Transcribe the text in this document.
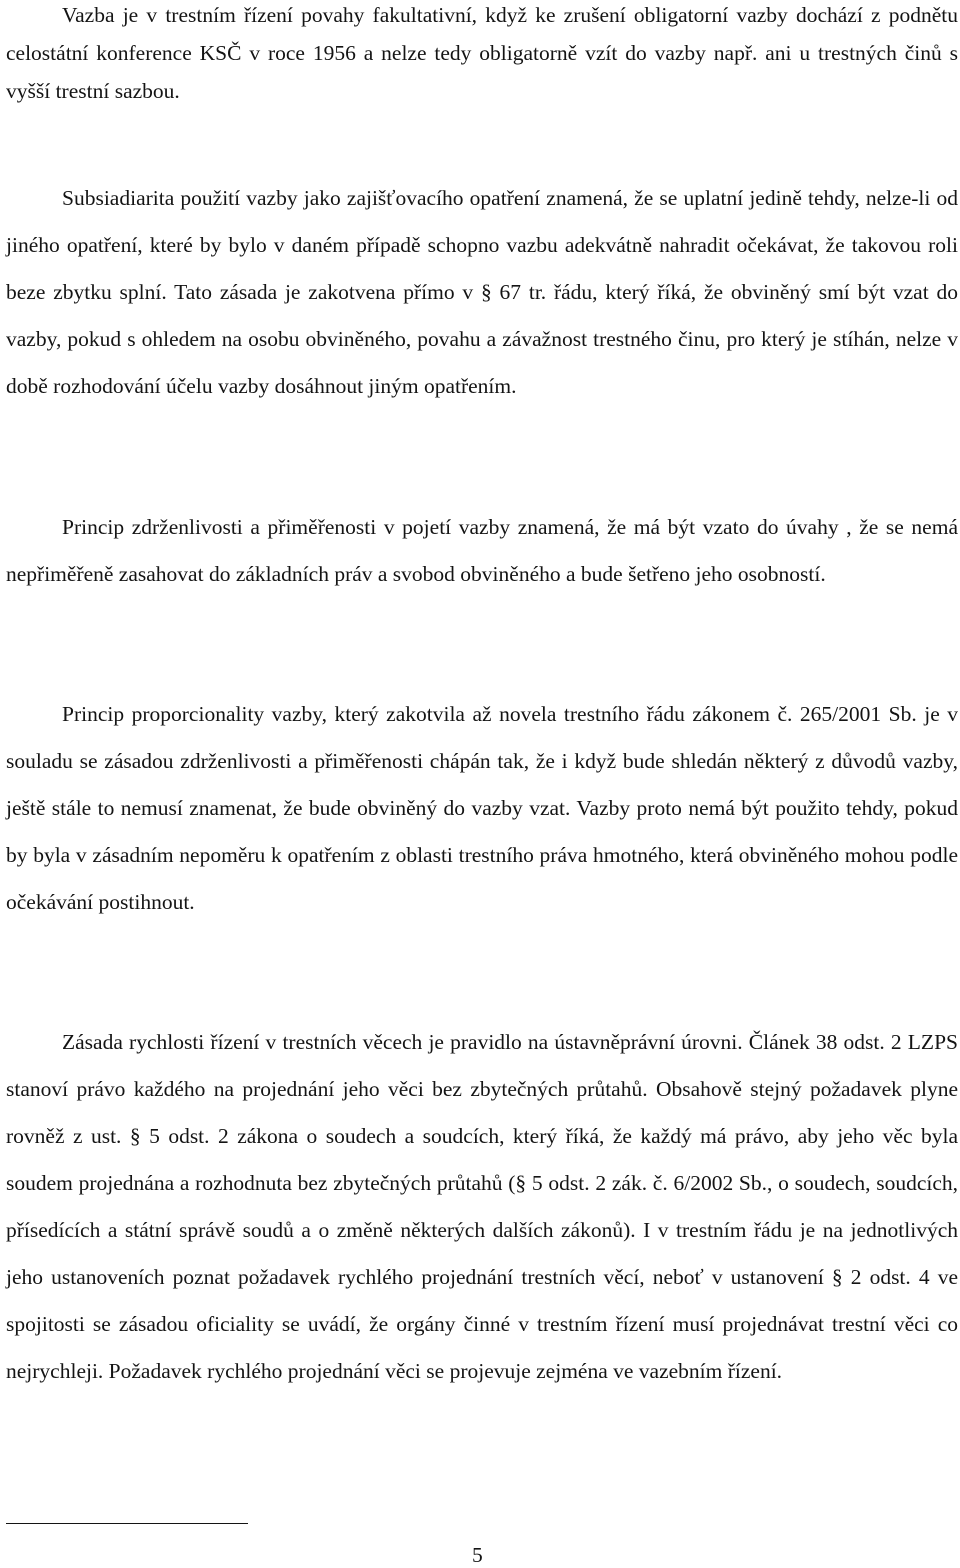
Vazba je v trestním řízení povahy fakultativní, když ke zrušení obligatorní vazby dochází z podnětu celostátní konference KSČ v roce 1956 a nelze tedy obligatorně vzít do vazby např. ani u trestných činů s vyšší trestní sazbou.

Subsiadiarita použití vazby jako zajišťovacího opatření znamená, že se uplatní jedině tehdy, nelze-li od jiného opatření, které by bylo v daném případě schopno vazbu adekvátně nahradit očekávat, že takovou roli beze zbytku splní. Tato zásada je zakotvena přímo v § 67 tr. řádu, který říká, že obviněný smí být vzat do vazby, pokud s ohledem na osobu obviněného, povahu a závažnost trestného činu, pro který je stíhán, nelze v době rozhodování účelu vazby dosáhnout jiným opatřením.

Princip zdrženlivosti a přiměřenosti v pojetí vazby znamená, že má být vzato do úvahy , že se nemá nepřiměřeně zasahovat do základních práv a svobod obviněného a bude šetřeno jeho osobností.

Princip proporcionality vazby, který zakotvila až novela trestního řádu zákonem č. 265/2001 Sb. je v souladu se zásadou zdrženlivosti a přiměřenosti chápán tak, že i když bude shledán některý z důvodů vazby, ještě stále to nemusí znamenat, že bude obviněný do vazby vzat. Vazby proto nemá být použito tehdy, pokud by byla v zásadním nepoměru k opatřením z oblasti trestního práva hmotného, která obviněného mohou podle očekávání postihnout.

Zásada rychlosti řízení v trestních věcech je pravidlo na ústavněprávní úrovni. Článek 38 odst. 2 LZPS stanoví právo každého na projednání jeho věci bez zbytečných průtahů. Obsahově stejný požadavek plyne rovněž z ust. § 5 odst. 2 zákona o soudech a soudcích, který říká, že každý má právo, aby jeho věc byla soudem projednána a rozhodnuta bez zbytečných průtahů (§ 5 odst. 2 zák. č. 6/2002 Sb., o soudech, soudcích, přísedících a státní správě soudů a o změně některých dalších zákonů). I v trestním řádu je na jednotlivých jeho ustanoveních poznat požadavek rychlého projednání trestních věcí, neboť v ustanovení § 2 odst. 4 ve spojitosti se zásadou oficiality se uvádí, že orgány činné v trestním řízení musí projednávat trestní věci co nejrychleji. Požadavek rychlého projednání věci se projevuje zejména ve vazebním řízení.

5
